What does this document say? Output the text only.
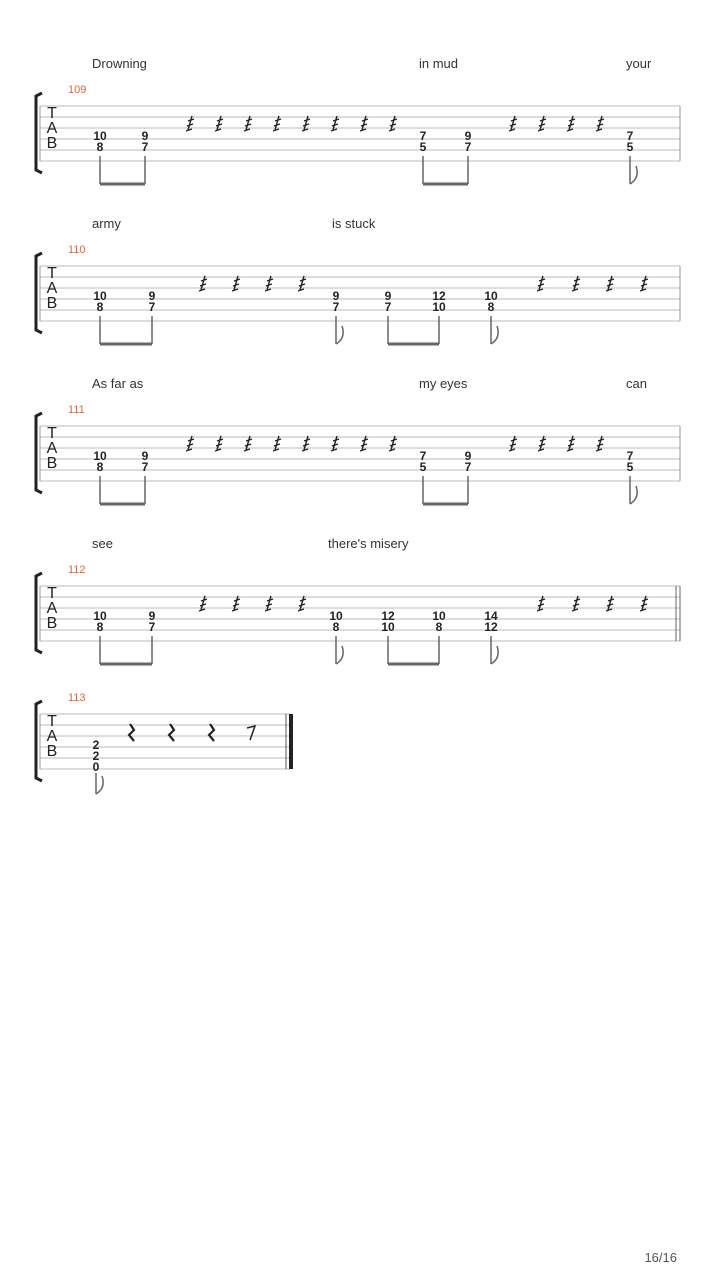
Drowning	in mud	your
109
T
A
B	10
8
9
7
7
5
9
7
7
5
army	is stuck
110
T
A
B	10
8
9
7
9
7
9
7
12
10
10
8
As far as	my eyes	can
111
T
A
B	10
8
9
7
7
5
9
7
7
5
see	there's misery
112
T
A
B	10
8
9
7
10
8
12
10
10
8
14
12
113
T
A
B	2
2
0
16/16
